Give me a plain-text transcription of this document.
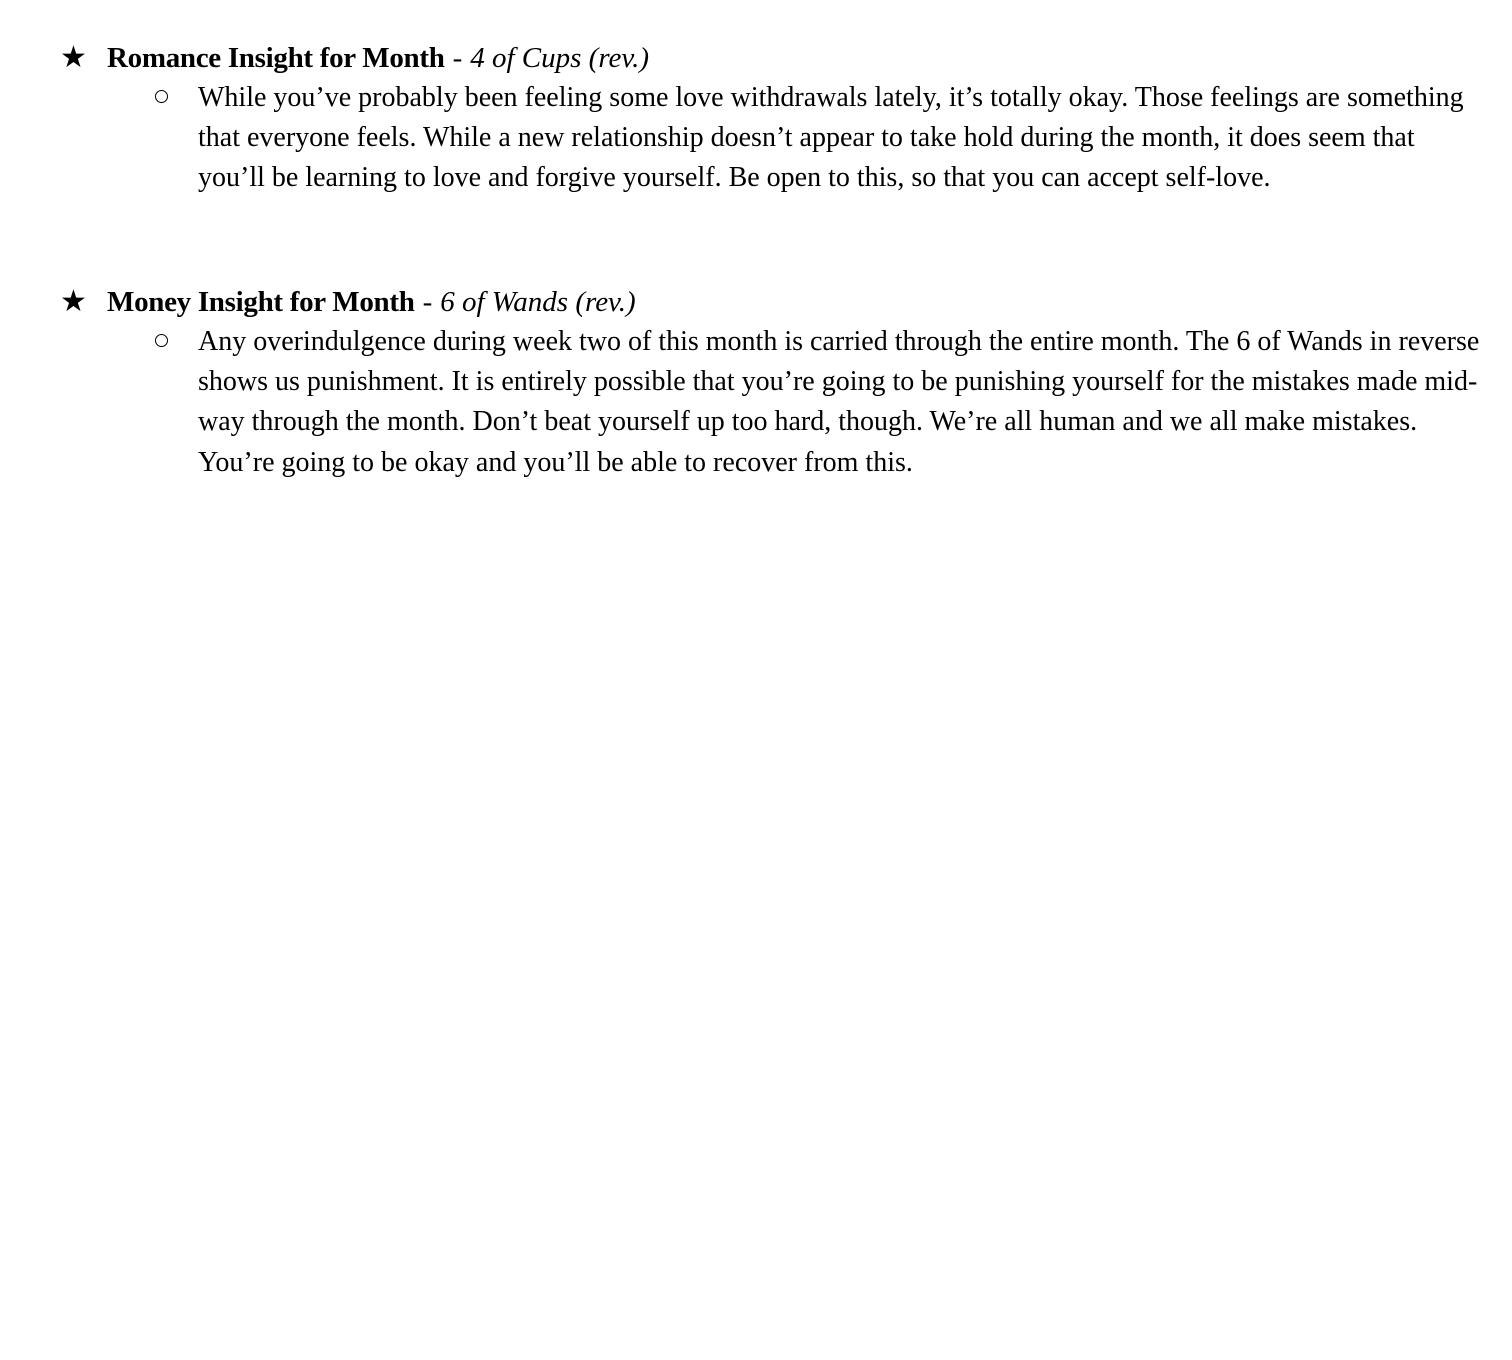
★ Romance Insight for Month - 4 of Cups (rev.)
While you’ve probably been feeling some love withdrawals lately, it’s totally okay. Those feelings are something that everyone feels. While a new relationship doesn’t appear to take hold during the month, it does seem that you’ll be learning to love and forgive yourself. Be open to this, so that you can accept self-love.
★ Money Insight for Month - 6 of Wands (rev.)
Any overindulgence during week two of this month is carried through the entire month. The 6 of Wands in reverse shows us punishment. It is entirely possible that you’re going to be punishing yourself for the mistakes made mid-way through the month. Don’t beat yourself up too hard, though. We’re all human and we all make mistakes. You’re going to be okay and you’ll be able to recover from this.
